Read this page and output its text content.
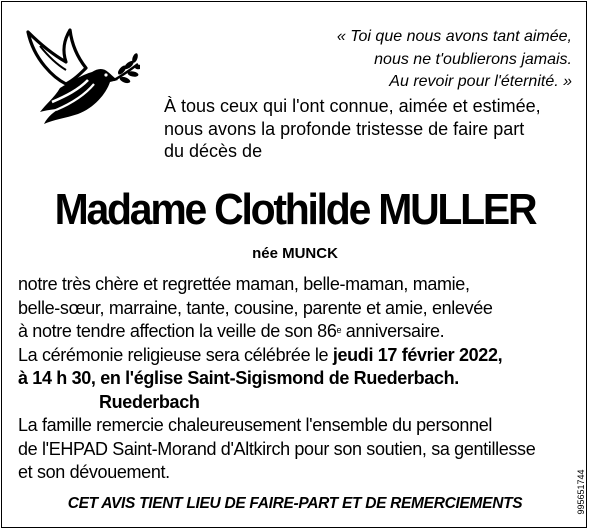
« Toi que nous avons tant aimée,
nous ne t'oublierons jamais.
Au revoir pour l'éternité. »
À tous ceux qui l'ont connue, aimée et estimée,
nous avons la profonde tristesse de faire part
du décès de
Madame Clothilde MULLER
née MUNCK

notre très chère et regrettée maman, belle-maman, mamie,

belle-sœur, marraine, tante, cousine, parente et amie, enlevée

à notre tendre affection la veille de son 86e anniversaire.

La cérémonie religieuse sera célébrée le jeudi 17 février 2022,

à 14 h 30, en l'église Saint-Sigismond de Ruederbach.

Ruederbach

La famille remercie chaleureusement l'ensemble du personnel

de l'EHPAD Saint-Morand d'Altkirch pour son soutien, sa gentillesse

et son dévouement.

CET AVIS TIENT LIEU DE FAIRE-PART ET DE REMERCIEMENTS	995651744
